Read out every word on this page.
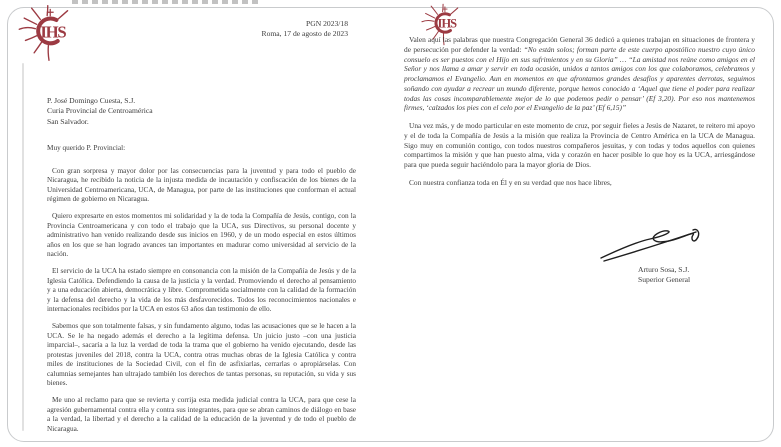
IHS	PGN 2023/18
Roma, 17 de agosto de 2023
P. José Domingo Cuesta, S.J.
Curia Provincial de Centroamérica
San Salvador.

Muy querido P. Provincial:

Con gran sorpresa y mayor dolor por las consecuencias para la juventud y para todo el pueblo de Nicaragua, he recibido la noticia de la injusta medida de incautación y confiscación de los bienes de la Universidad Centroamericana, UCA, de Managua, por parte de las instituciones que conforman el actual régimen de gobierno en Nicaragua.

Quiero expresarte en estos momentos mi solidaridad y la de toda la Compañía de Jesús, contigo, con la Provincia Centroamericana y con todo el trabajo que la UCA, sus Directivos, su personal docente y administrativo han venido realizando desde sus inicios en 1960, y de un modo especial en estos últimos años en los que se han logrado avances tan importantes en madurar como universidad al servicio de la nación.

El servicio de la UCA ha estado siempre en consonancia con la misión de la Compañía de Jesús y de la Iglesia Católica. Defendiendo la causa de la justicia y la verdad. Promoviendo el derecho al pensamiento y a una educación abierta, democrática y libre. Comprometida socialmente con la calidad de la formación y la defensa del derecho y la vida de los más desfavorecidos. Todos los reconocimientos nacionales e internacionales recibidos por la UCA en estos 63 años dan testimonio de ello.

Sabemos que son totalmente falsas, y sin fundamento alguno, todas las acusaciones que se le hacen a la UCA. Se le ha negado además el derecho a la legítima defensa. Un juicio justo –con una justicia imparcial–, sacaría a la luz la verdad de toda la trama que el gobierno ha venido ejecutando, desde las protestas juveniles del 2018, contra la UCA, contra otras muchas obras de la Iglesia Católica y contra miles de instituciones de la Sociedad Civil, con el fin de asfixiarlas, cerrarlas o apropiárselas. Con calumnias semejantes han ultrajado también los derechos de tantas personas, su reputación, su vida y sus bienes.

Me uno al reclamo para que se revierta y corrija esta medida judicial contra la UCA, para que cese la agresión gubernamental contra ella y contra sus integrantes, para que se abran caminos de diálogo en base a la verdad, la libertad y el derecho a la calidad de la educación de la juventud y de todo el pueblo de Nicaragua.

IHS

Valen aquí las palabras que nuestra Congregación General 36 dedicó a quienes trabajan en situaciones de frontera y de persecución por defender la verdad: “No están solos; forman parte de este cuerpo apostólico nuestro cuyo único consuelo es ser puestos con el Hijo en sus sufrimientos y en su Gloria” … “La amistad nos reúne como amigos en el Señor y nos llama a amar y servir en toda ocasión, unidos a tantos amigos con los que colaboramos, celebramos y proclamamos el Evangelio. Aun en momentos en que afrontamos grandes desafíos y aparentes derrotas, seguimos soñando con ayudar a recrear un mundo diferente, porque hemos conocido a ‘Aquel que tiene el poder para realizar todas las cosas incomparablemente mejor de lo que podemos pedir o pensar’ (Ef 3,20). Por eso nos mantenemos firmes, ‘calzados los pies con el celo por el Evangelio de la paz’ (Ef 6,15)”

Una vez más, y de modo particular en este momento de cruz, por seguir fieles a Jesús de Nazaret, te reitero mi apoyo y el de toda la Compañía de Jesús a la misión que realiza la Provincia de Centro América en la UCA de Managua. Sigo muy en comunión contigo, con todos nuestros compañeros jesuitas, y con todas y todos aquellos con quienes compartimos la misión y que han puesto alma, vida y corazón en hacer posible lo que hoy es la UCA, arriesgándose para que pueda seguir haciéndolo para la mayor gloria de Dios.

Con nuestra confianza toda en Él y en su verdad que nos hace libres,

Arturo Sosa, S.J.
Superior General
